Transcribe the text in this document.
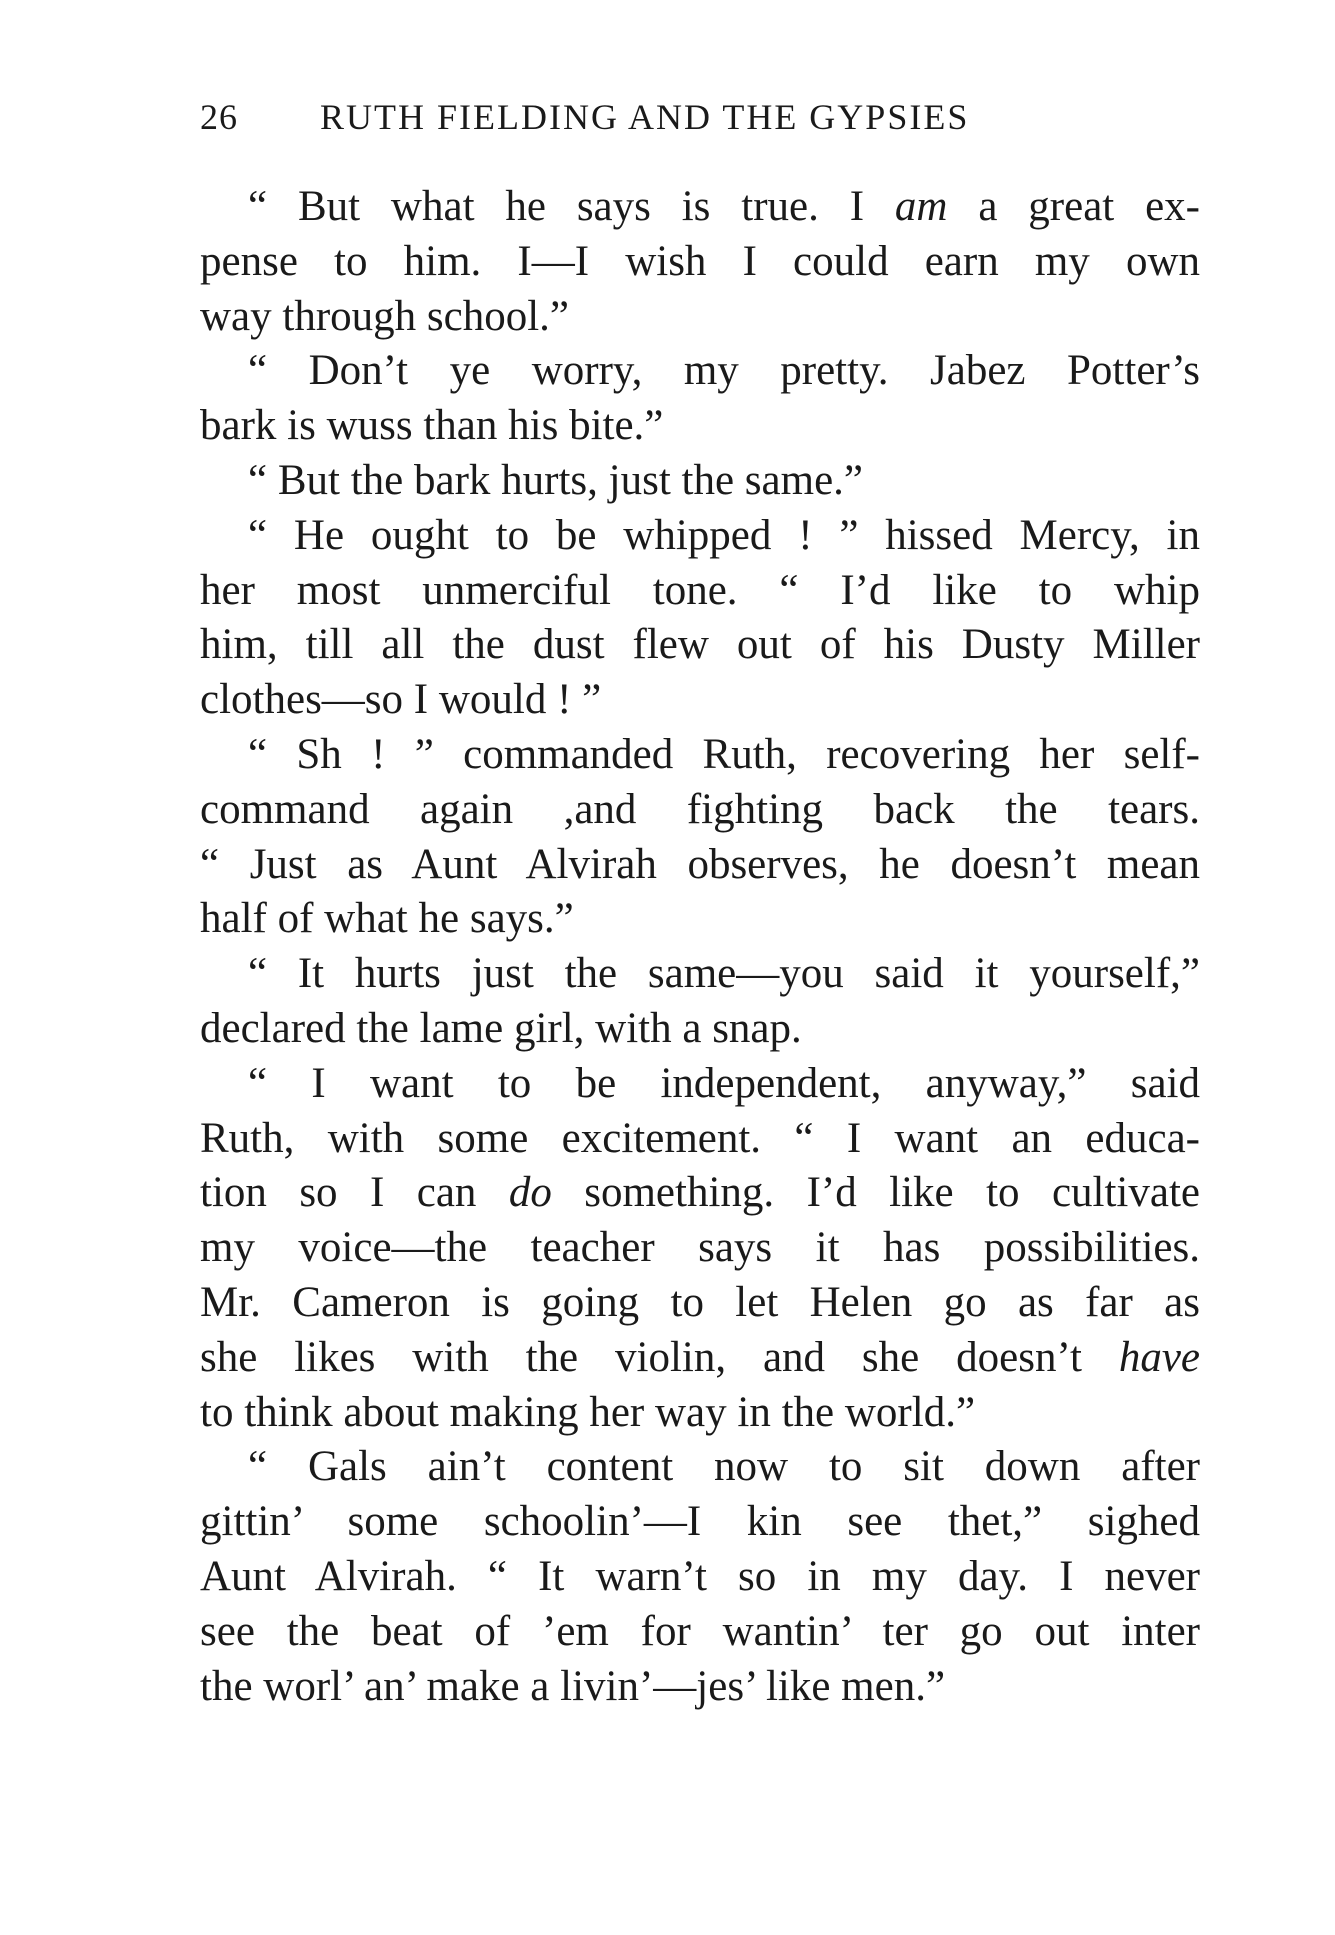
26 RUTH FIELDING AND THE GYPSIES
“ But what he says is true. I am a great ex-
pense to him. I—I wish I could earn my own
way through school.”
“ Don’t ye worry, my pretty. Jabez Potter’s
bark is wuss than his bite.”
“ But the bark hurts, just the same.”
“ He ought to be whipped ! ” hissed Mercy, in
her most unmerciful tone. “ I’d like to whip
him, till all the dust flew out of his Dusty Miller
clothes—so I would ! ”
“ Sh ! ” commanded Ruth, recovering her self-
command again ,and fighting back the tears.
“ Just as Aunt Alvirah observes, he doesn’t mean
half of what he says.”
“ It hurts just the same—you said it yourself,”
declared the lame girl, with a snap.
“ I want to be independent, anyway,” said
Ruth, with some excitement. “ I want an educa-
tion so I can do something. I’d like to cultivate
my voice—the teacher says it has possibilities.
Mr. Cameron is going to let Helen go as far as
she likes with the violin, and she doesn’t have
to think about making her way in the world.”
“ Gals ain’t content now to sit down after
gittin’ some schoolin’—I kin see thet,” sighed
Aunt Alvirah. “ It warn’t so in my day. I never
see the beat of ’em for wantin’ ter go out inter
the worl’ an’ make a livin’—jes’ like men.”
